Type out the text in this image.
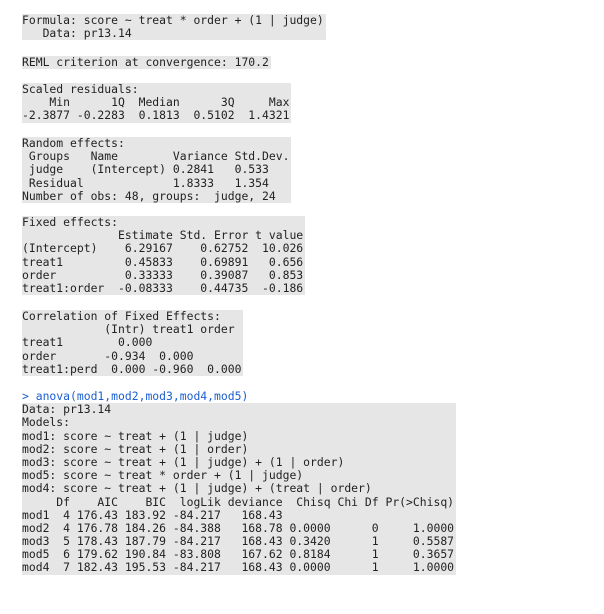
Formula: score ~ treat * order + (1 | judge)
Data: pr13.14
REML criterion at convergence: 170.2
Scaled residuals:
Min      1Q  Median      3Q     Max
-2.3877 -0.2283  0.1813  0.5102  1.4321
Random effects:
Groups   Name        Variance Std.Dev.
judge    (Intercept) 0.2841   0.533
Residual             1.8333   1.354
Number of obs: 48, groups:  judge, 24
Fixed effects:
Estimate Std. Error t value
(Intercept)    6.29167    0.62752  10.026
treat1         0.45833    0.69891   0.656
order          0.33333    0.39087   0.853
treat1:order  -0.08333    0.44735  -0.186
Correlation of Fixed Effects:
(Intr) treat1 order
treat1        0.000
order       -0.934  0.000
treat1:perd  0.000 -0.960  0.000
> anova(mod1,mod2,mod3,mod4,mod5)
Data: pr13.14
Models:
mod1: score ~ treat + (1 | judge)
mod2: score ~ treat + (1 | order)
mod3: score ~ treat + (1 | judge) + (1 | order)
mod5: score ~ treat * order + (1 | judge)
mod4: score ~ treat + (1 | judge) + (treat | order)
Df    AIC    BIC  logLik deviance  Chisq Chi Df Pr(>Chisq)
mod1  4 176.43 183.92 -84.217   168.43
mod2  4 176.78 184.26 -84.388   168.78 0.0000      0     1.0000
mod3  5 178.43 187.79 -84.217   168.43 0.3420      1     0.5587
mod5  6 179.62 190.84 -83.808   167.62 0.8184      1     0.3657
mod4  7 182.43 195.53 -84.217   168.43 0.0000      1     1.0000
